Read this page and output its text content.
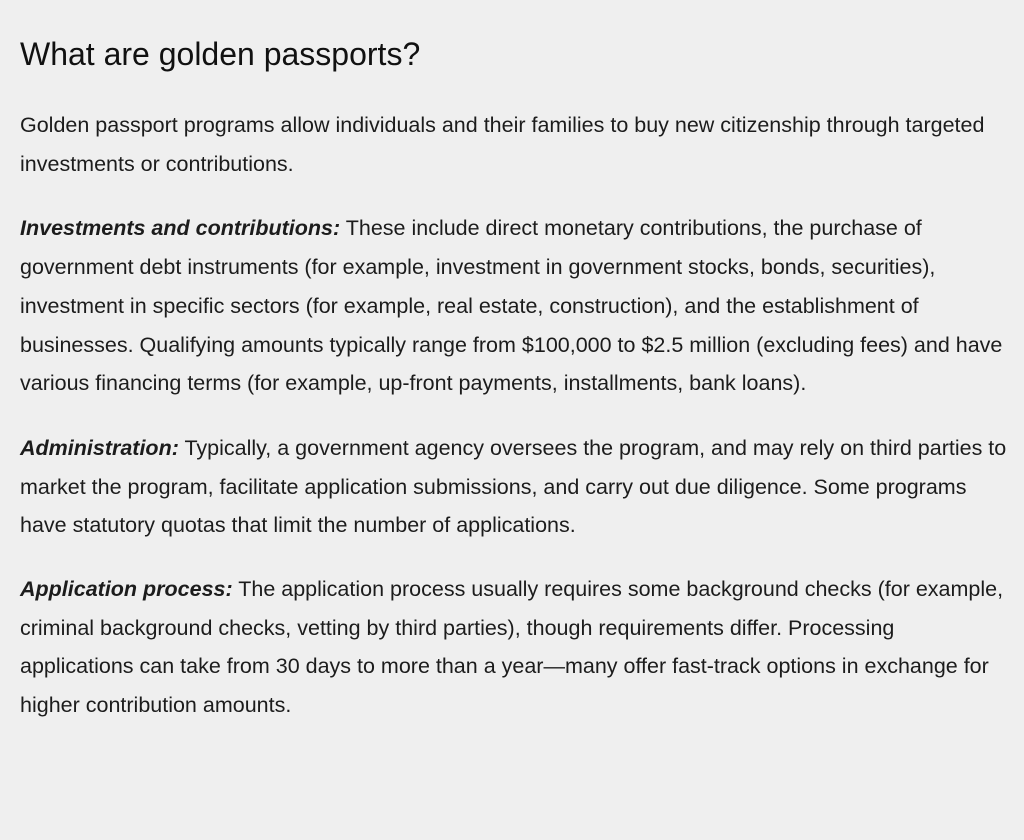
What are golden passports?

Golden passport programs allow individuals and their families to buy new citizenship through targeted investments or contributions.

Investments and contributions: These include direct monetary contributions, the purchase of government debt instruments (for example, investment in government stocks, bonds, securities), investment in specific sectors (for example, real estate, construction), and the establishment of businesses. Qualifying amounts typically range from $100,000 to $2.5 million (excluding fees) and have various financing terms (for example, up-front payments, installments, bank loans).

Administration: Typically, a government agency oversees the program, and may rely on third parties to market the program, facilitate application submissions, and carry out due diligence. Some programs have statutory quotas that limit the number of applications.

Application process: The application process usually requires some background checks (for example, criminal background checks, vetting by third parties), though requirements differ. Processing applications can take from 30 days to more than a year—many offer fast-track options in exchange for higher contribution amounts.
